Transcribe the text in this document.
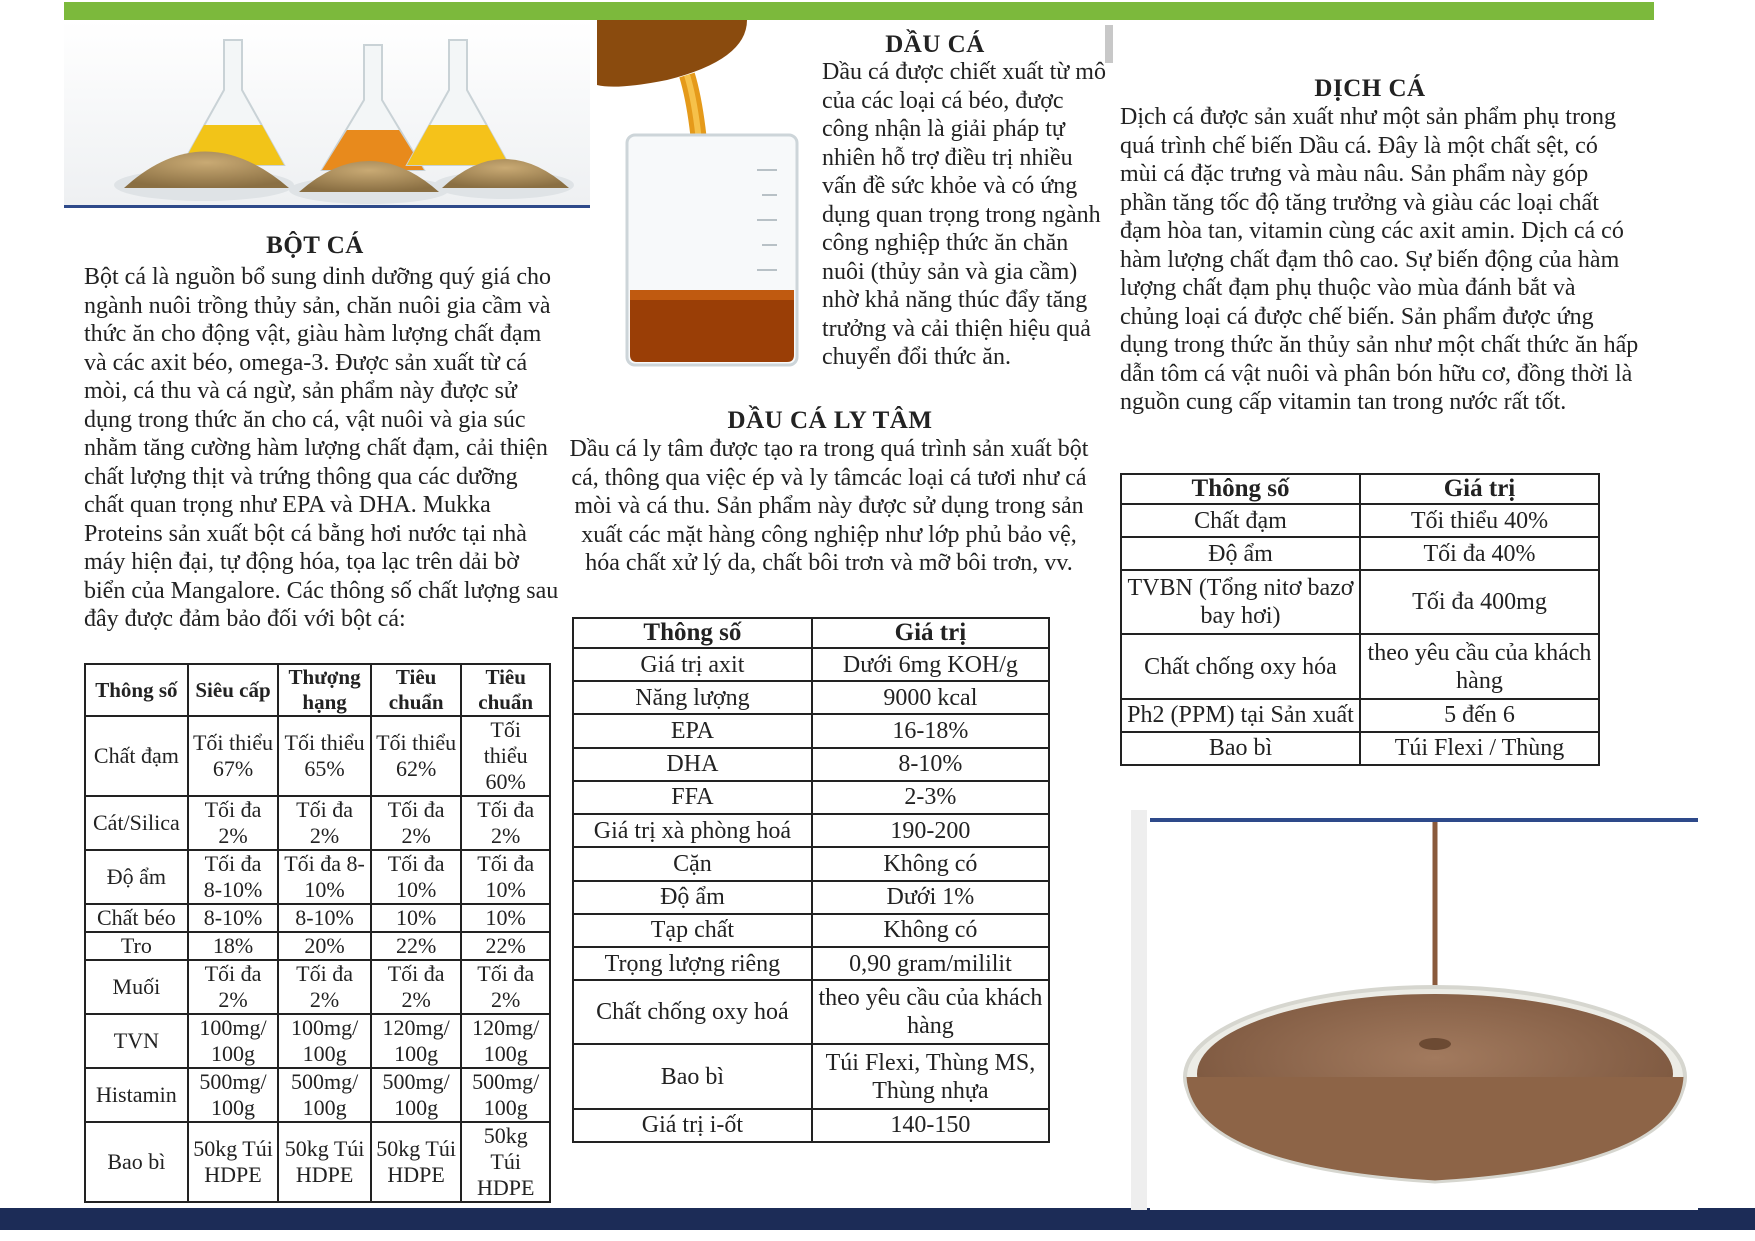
BỘT CÁ

Bột cá là nguồn bổ sung dinh dưỡng quý giá cho ngành nuôi trồng thủy sản, chăn nuôi gia cầm và thức ăn cho động vật, giàu hàm lượng chất đạm và các axit béo, omega-3. Được sản xuất từ cá mòi, cá thu và cá ngừ, sản phẩm này được sử dụng trong thức ăn cho cá, vật nuôi và gia súc nhằm tăng cường hàm lượng chất đạm, cải thiện chất lượng thịt và trứng thông qua các dưỡng chất quan trọng như EPA và DHA. Mukka Proteins sản xuất bột cá bằng hơi nước tại nhà máy hiện đại, tự động hóa, tọa lạc trên dải bờ biển của Mangalore. Các thông số chất lượng sau đây được đảm bảo đối với bột cá:

Thông số	Siêu cấp	Thượng hạng	Tiêu chuẩn	Tiêu chuẩn
Chất đạm	Tối thiểu 67%	Tối thiểu 65%	Tối thiểu 62%	Tối thiểu 60%
Cát/Silica	Tối đa 2%	Tối đa 2%	Tối đa 2%	Tối đa 2%
Độ ẩm	Tối đa 8-10%	Tối đa 8-10%	Tối đa 10%	Tối đa 10%
Chất béo	8-10%	8-10%	10%	10%
Tro	18%	20%	22%	22%
Muối	Tối đa 2%	Tối đa 2%	Tối đa 2%	Tối đa 2%
TVN	100mg/ 100g	100mg/ 100g	120mg/ 100g	120mg/ 100g
Histamin	500mg/ 100g	500mg/ 100g	500mg/ 100g	500mg/ 100g
Bao bì	50kg Túi HDPE	50kg Túi HDPE	50kg Túi HDPE	50kg Túi HDPE
DẦU CÁ

Dầu cá được chiết xuất từ mô của các loại cá béo, được công nhận là giải pháp tự nhiên hỗ trợ điều trị nhiều vấn đề sức khỏe và có ứng dụng quan trọng trong ngành công nghiệp thức ăn chăn nuôi (thủy sản và gia cầm) nhờ khả năng thúc đẩy tăng trưởng và cải thiện hiệu quả chuyển đổi thức ăn.

DẦU CÁ LY TÂM

Dầu cá ly tâm được tạo ra trong quá trình sản xuất bột cá, thông qua việc ép và ly tâmcác loại cá tươi như cá mòi và cá thu. Sản phẩm này được sử dụng trong sản xuất các mặt hàng công nghiệp như lớp phủ bảo vệ, hóa chất xử lý da, chất bôi trơn và mỡ bôi trơn, vv.

Thông số	Giá trị
Giá trị axit	Dưới 6mg KOH/g
Năng lượng	9000 kcal
EPA	16-18%
DHA	8-10%
FFA	2-3%
Giá trị xà phòng hoá	190-200
Cặn	Không có
Độ ẩm	Dưới 1%
Tạp chất	Không có
Trọng lượng riêng	0,90 gram/mililit
Chất chống oxy hoá	theo yêu cầu của khách hàng
Bao bì	Túi Flexi, Thùng MS, Thùng nhựa
Giá trị i-ốt	140-150
DỊCH CÁ

Dịch cá được sản xuất như một sản phẩm phụ trong quá trình chế biến Dầu cá. Đây là một chất sệt, có mùi cá đặc trưng và màu nâu. Sản phẩm này góp phần tăng tốc độ tăng trưởng và giàu các loại chất đạm hòa tan, vitamin cùng các axit amin. Dịch cá có hàm lượng chất đạm thô cao. Sự biến động của hàm lượng chất đạm phụ thuộc vào mùa đánh bắt và chủng loại cá được chế biến. Sản phẩm được ứng dụng trong thức ăn thủy sản như một chất thức ăn hấp dẫn tôm cá vật nuôi và phân bón hữu cơ, đồng thời là nguồn cung cấp vitamin tan trong nước rất tốt.

Thông số	Giá trị
Chất đạm	Tối thiểu 40%
Độ ẩm	Tối đa 40%
TVBN (Tổng nitơ bazơ bay hơi)	Tối đa 400mg
Chất chống oxy hóa	theo yêu cầu của khách hàng
Ph2 (PPM) tại Sản xuất	5 đến 6
Bao bì	Túi Flexi / Thùng
